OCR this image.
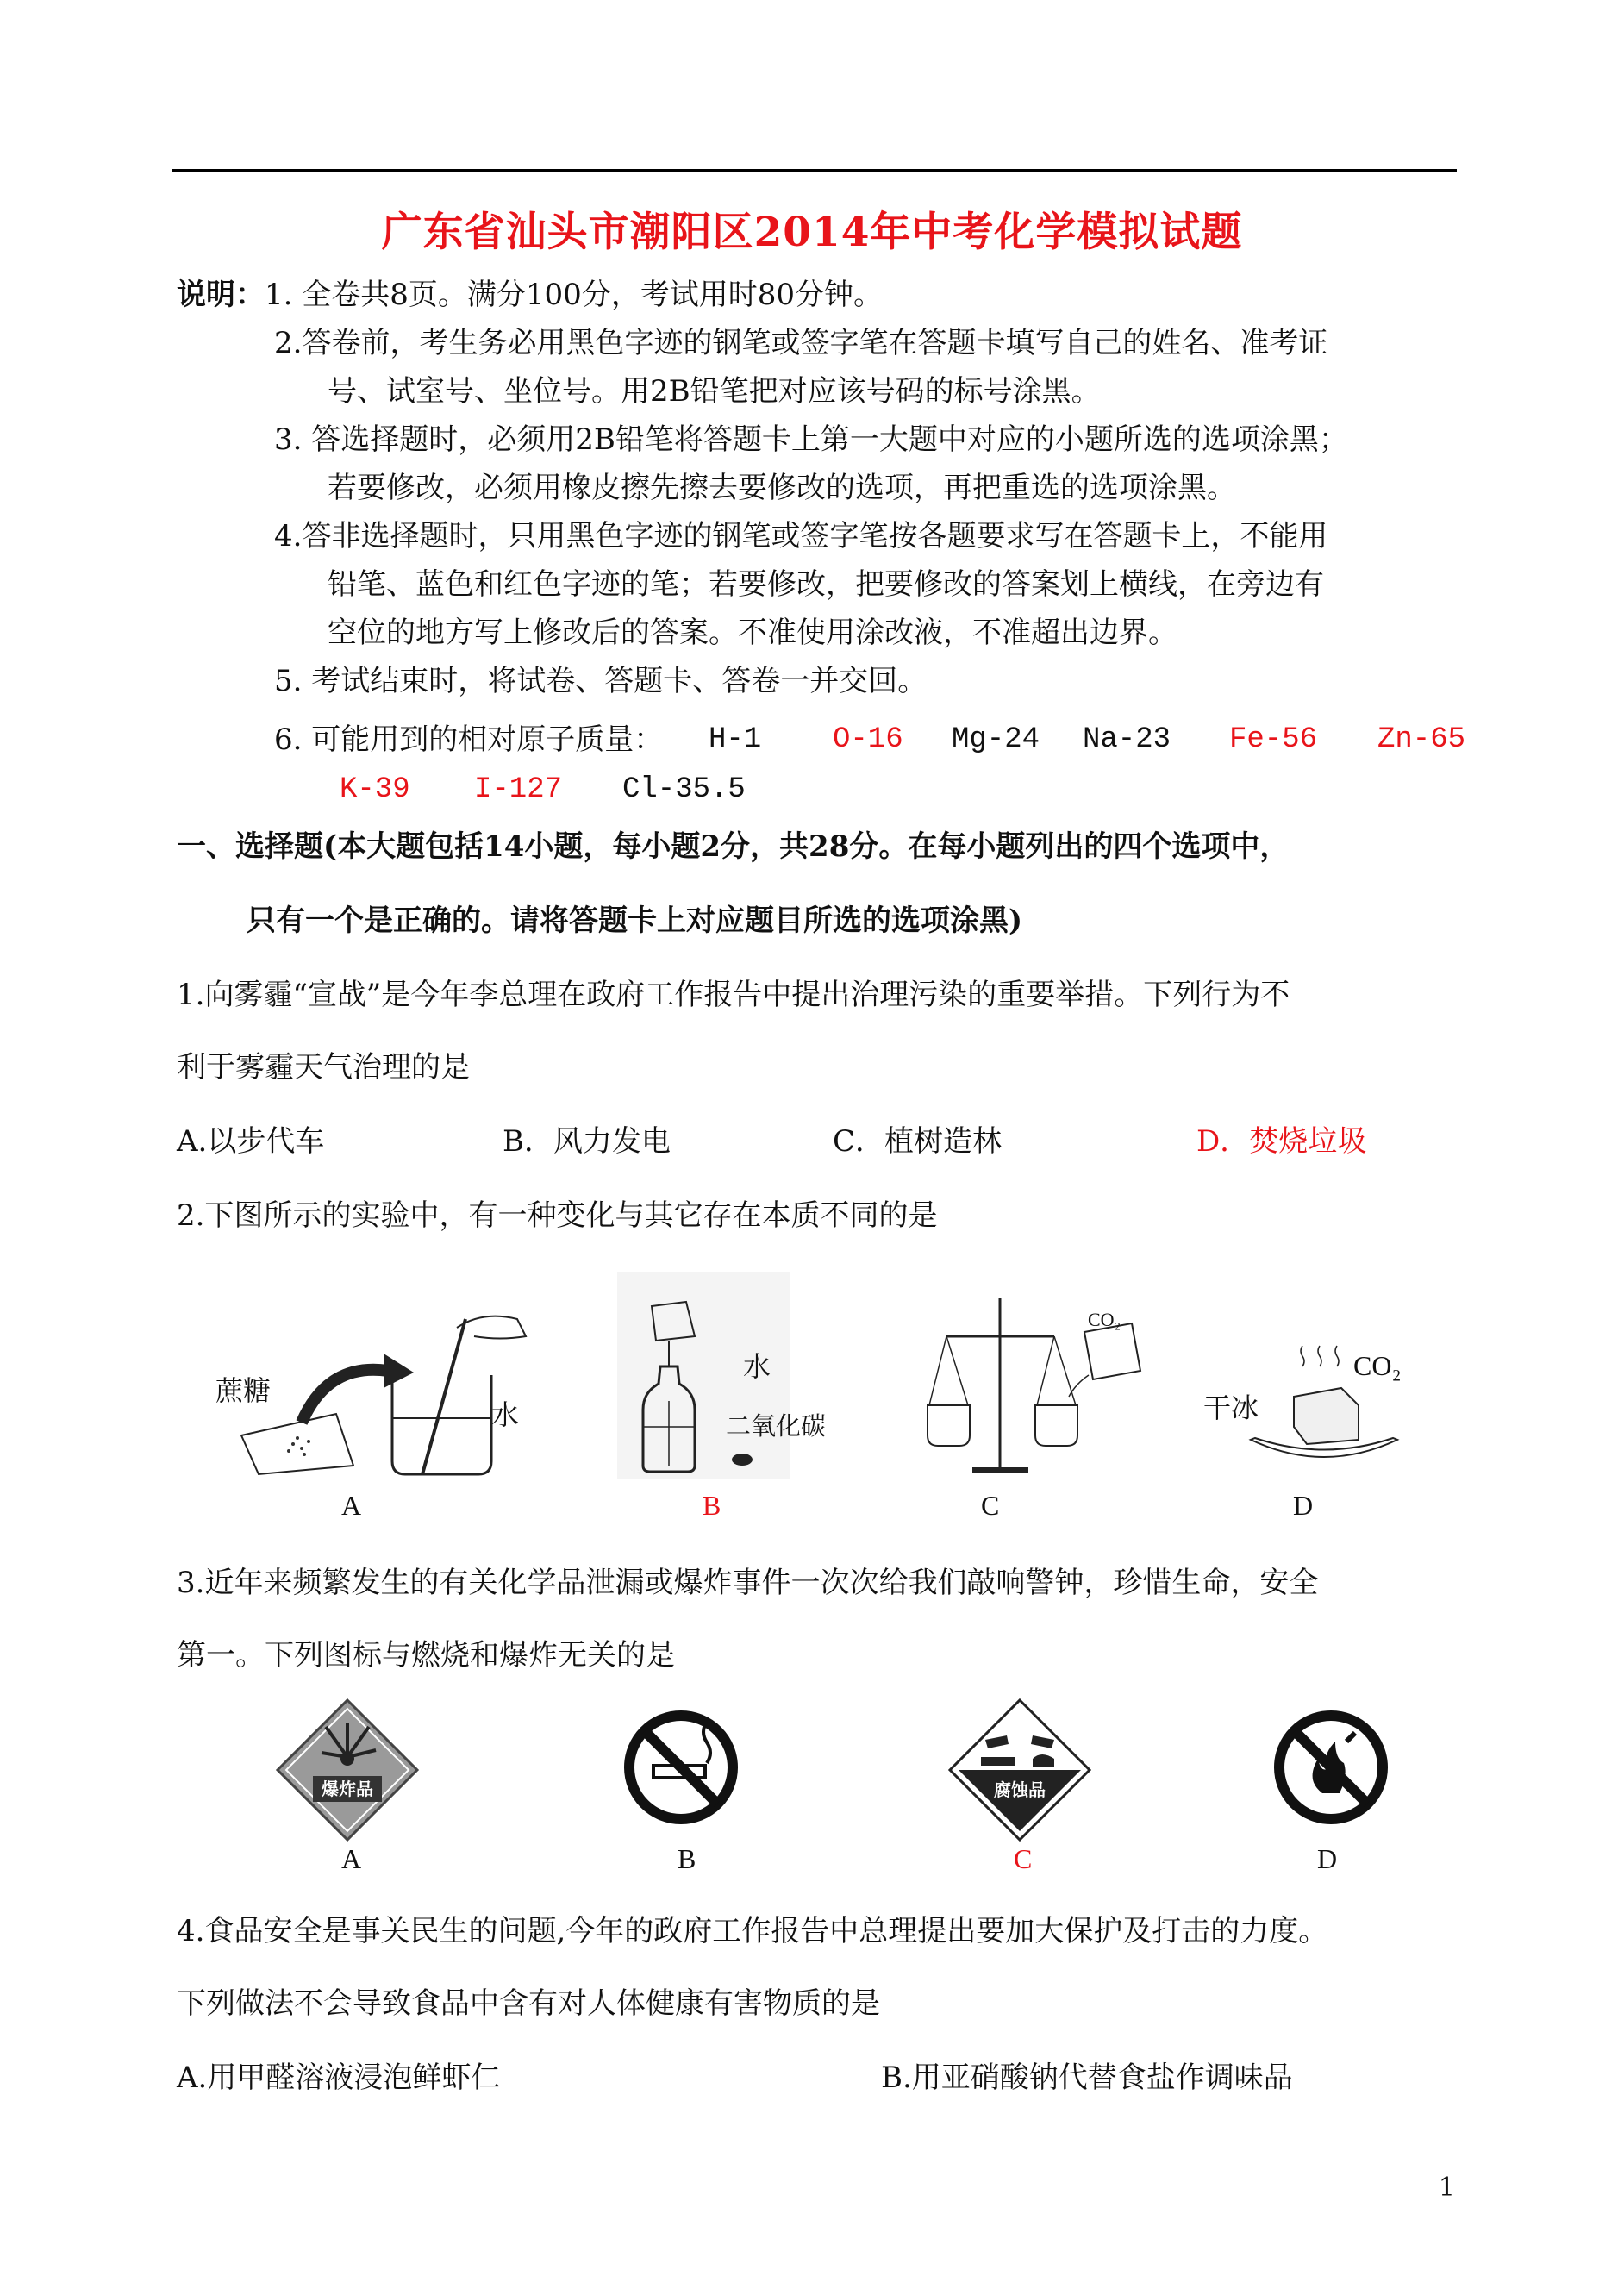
广东省汕头市潮阳区2014年中考化学模拟试题
说明：1. 全卷共8页。满分100分，考试用时80分钟。
2.答卷前，考生务必用黑色字迹的钢笔或签字笔在答题卡填写自己的姓名、准考证
号、试室号、坐位号。用2B铅笔把对应该号码的标号涂黑。
3. 答选择题时，必须用2B铅笔将答题卡上第一大题中对应的小题所选的选项涂黑；
若要修改，必须用橡皮擦先擦去要修改的选项，再把重选的选项涂黑。
4.答非选择题时，只用黑色字迹的钢笔或签字笔按各题要求写在答题卡上，不能用
铅笔、蓝色和红色字迹的笔；若要修改，把要修改的答案划上横线，在旁边有
空位的地方写上修改后的答案。不准使用涂改液，不准超出边界。
5. 考试结束时，将试卷、答题卡、答卷一并交回。
6. 可能用到的相对原子质量： H-1 O-16 Mg-24 Na-23 Fe-56 Zn-65
K-39 I-127 Cl-35.5
一、选择题(本大题包括14小题，每小题2分，共28分。在每小题列出的四个选项中，
只有一个是正确的。请将答题卡上对应题目所选的选项涂黑)
1.向雾霾“宣战”是今年李总理在政府工作报告中提出治理污染的重要举措。下列行为不
利于雾霾天气治理的是
A.以步代车	B．风力发电	C．植树造林	D．焚烧垃圾
2.下图所示的实验中，有一种变化与其它存在本质不同的是
蔗糖
水
水
二氧化碳
CO₂
干冰
CO₂
A	B	C	D
3.近年来频繁发生的有关化学品泄漏或爆炸事件一次次给我们敲响警钟，珍惜生命，安全
第一。下列图标与燃烧和爆炸无关的是
爆炸品	腐蚀品
A	B	C	D
4.食品安全是事关民生的问题,今年的政府工作报告中总理提出要加大保护及打击的力度。
下列做法不会导致食品中含有对人体健康有害物质的是
A.用甲醛溶液浸泡鲜虾仁	B.用亚硝酸钠代替食盐作调味品
1
